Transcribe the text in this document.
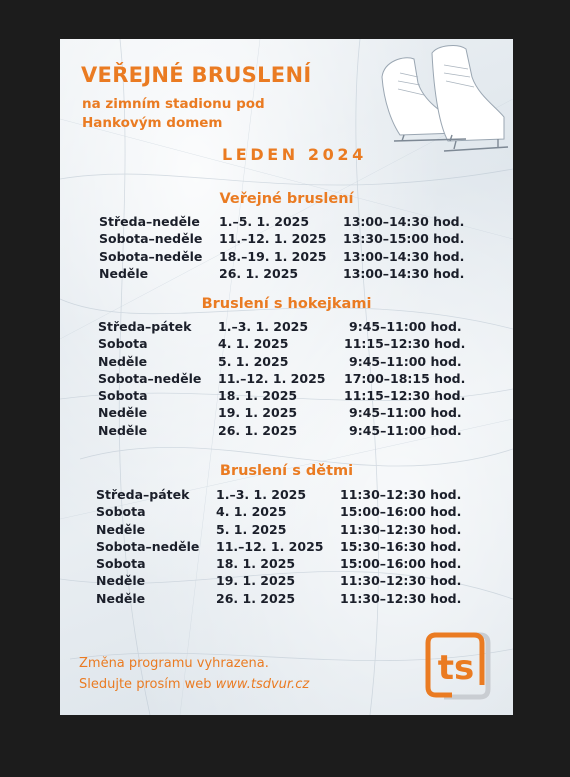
VEŘEJNÉ BRUSLENÍ
na zimním stadionu pod
Hankovým domem
LEDEN 2024
Veřejné bruslení
Středa–neděle 1.–5. 1. 2025	13:00–14:30 hod.
Sobota–neděle 11.–12. 1. 2025 13:30–15:00 hod.
Sobota–neděle 18.–19. 1. 2025 13:00–14:30 hod.
Neděle	26. 1. 2025	13:00–14:30 hod.
Bruslení s hokejkami
Středa–pátek 1.–3. 1. 2025	9:45–11:00 hod.
Sobota	4. 1. 2025	11:15–12:30 hod.
Neděle	5. 1. 2025	9:45–11:00 hod.
Sobota–neděle 11.–12. 1. 2025 17:00–18:15 hod.
Sobota	18. 1. 2025	11:15–12:30 hod.
Neděle	19. 1. 2025	9:45–11:00 hod.
Neděle	26. 1. 2025	9:45–11:00 hod.
Bruslení s dětmi
Středa–pátek 1.–3. 1. 2025	11:30–12:30 hod.
Sobota	4. 1. 2025	15:00–16:00 hod.
Neděle	5. 1. 2025	11:30–12:30 hod.
Sobota–neděle 11.–12. 1. 2025 15:30–16:30 hod.
Sobota	18. 1. 2025	15:00–16:00 hod.
Neděle	19. 1. 2025	11:30–12:30 hod.
Neděle	26. 1. 2025	11:30–12:30 hod.
Změna programu vyhrazena.
Sledujte prosím web www.tsdvur.cz	ts
